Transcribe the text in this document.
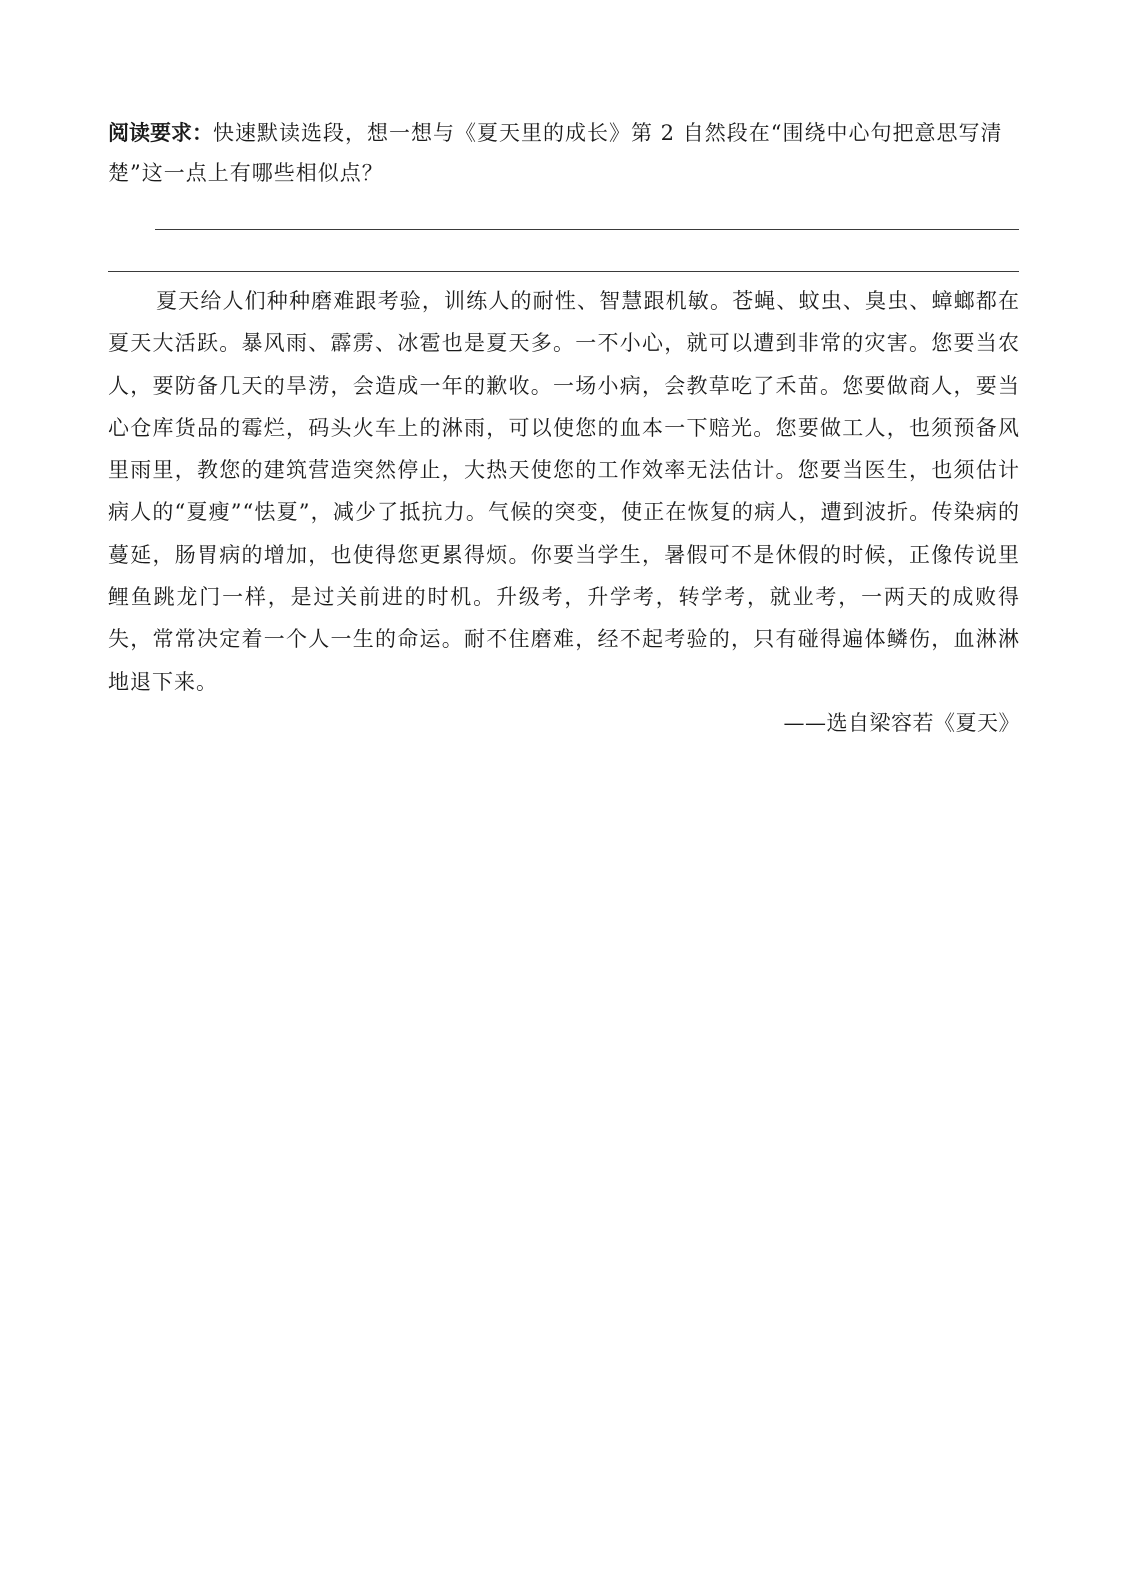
阅读要求：快速默读选段，想一想与《夏天里的成长》第 2 自然段在“围绕中心句把意思写清楚”这一点上有哪些相似点？

夏天给人们种种磨难跟考验，训练人的耐性、智慧跟机敏。苍蝇、蚊虫、臭虫、蟑螂都在夏天大活跃。暴风雨、霹雳、冰雹也是夏天多。一不小心，就可以遭到非常的灾害。您要当农人，要防备几天的旱涝，会造成一年的歉收。一场小病，会教草吃了禾苗。您要做商人，要当心仓库货品的霉烂，码头火车上的淋雨，可以使您的血本一下赔光。您要做工人，也须预备风里雨里，教您的建筑营造突然停止，大热天使您的工作效率无法估计。您要当医生，也须估计病人的“夏瘦”“怯夏”，减少了抵抗力。气候的突变，使正在恢复的病人，遭到波折。传染病的蔓延，肠胃病的增加，也使得您更累得烦。你要当学生，暑假可不是休假的时候，正像传说里鲤鱼跳龙门一样，是过关前进的时机。升级考，升学考，转学考，就业考，一两天的成败得失，常常决定着一个人一生的命运。耐不住磨难，经不起考验的，只有碰得遍体鳞伤，血淋淋地退下来。

——选自梁容若《夏天》
